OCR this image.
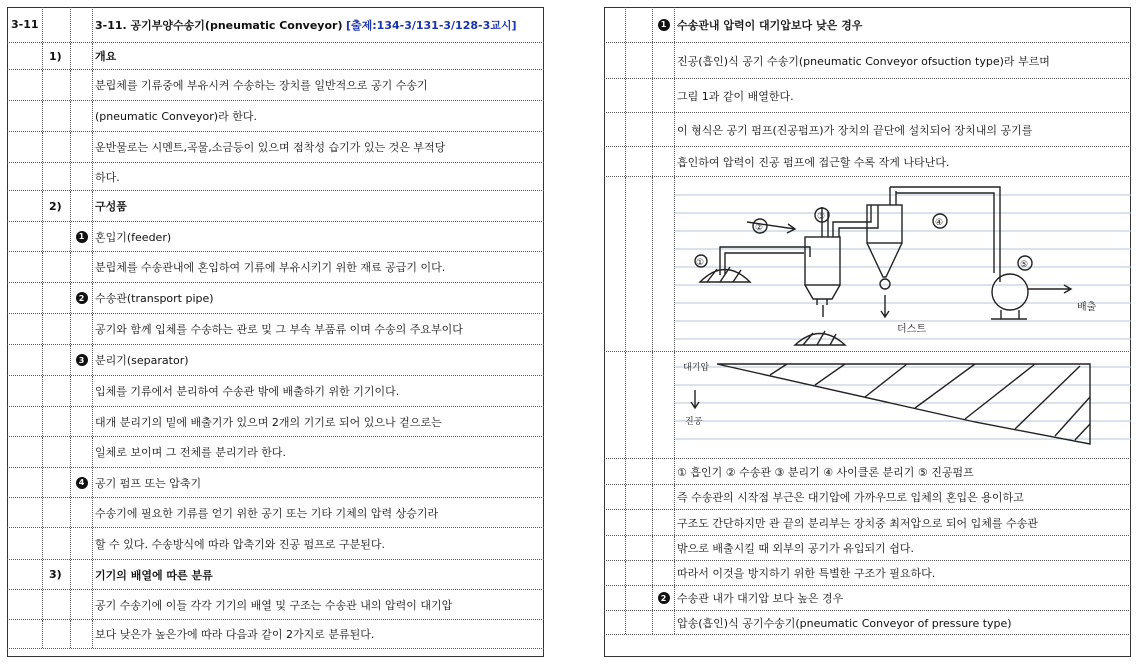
3-11	3-11. 공기부양수송기(pneumatic Conveyor)
[출제:134-3/131-3/128-3교시]
1)	개요
분립체를 기류중에 부유시켜 수송하는 장치를 일반적으로 공기 수송기
(pneumatic Conveyor)라 한다.
운반물로는 시멘트,곡물,소금등이 있으며 점착성 습기가 있는 것은 부적당
하다.
2)	구성품
1 혼입기(feeder)
분립체를 수송관내에 혼입하여 기류에 부유시키기 위한 재료 공급기 이다.
2 수송관(transport pipe)
공기와 함께 입체를 수송하는 관로 및 그 부속 부품류 이며 수송의 주요부이다
3 분리기(separator)
입체를 기류에서 분리하여 수송관 밖에 배출하기 위한 기기이다.
대개 분리기의 밑에 배출기가 있으며 2개의 기기로 되어 있으나 겉으로는
일체로 보이며 그 전체를 분리기라 한다.
4 공기 펌프 또는 압축기
수송기에 필요한 기류를 얻기 위한 공기 또는 기타 기체의 압력 상승기라
할 수 있다. 수송방식에 따라 압축기와 진공 펌프로 구분된다.
3)	기기의 배열에 따른 분류
공기 수송기에 이들 각각 기기의 배열 및 구조는 수송관 내의 압력이 대기압
보다 낮은가 높은가에 따라 다음과 같이 2가지로 분류된다.
1 수송관내 압력이 대기압보다 낮은 경우
진공(흡인)식 공기 수송기(pneumatic Conveyor ofsuction type)라 부르며
그림 1과 같이 배열한다.
이 형식은 공기 펌프(진공펌프)가 장치의 끝단에 설치되어 장치내의 공기를
흡인하여 압력이 진공 펌프에 접근할 수록 작게 나타난다.
①
②
③
④
⑤
더스트
배출
대기압
진공
① 흡인기 ② 수송관 ③ 분리기 ④ 사이클론 분리기 ⑤ 진공펌프
즉 수송관의 시작점 부근은 대기압에 가까우므로 입체의 혼입은 용이하고
구조도 간단하지만 관 끝의 분리부는 장치중 최저압으로 되어 입체를 수송관
밖으로 배출시킬 때 외부의 공기가 유입되기 쉽다.
따라서 이것을 방지하기 위한 특별한 구조가 필요하다.
2 수송관 내가 대기압 보다 높은 경우
압송(흡인)식 공기수송기(pneumatic Conveyor of pressure type)
